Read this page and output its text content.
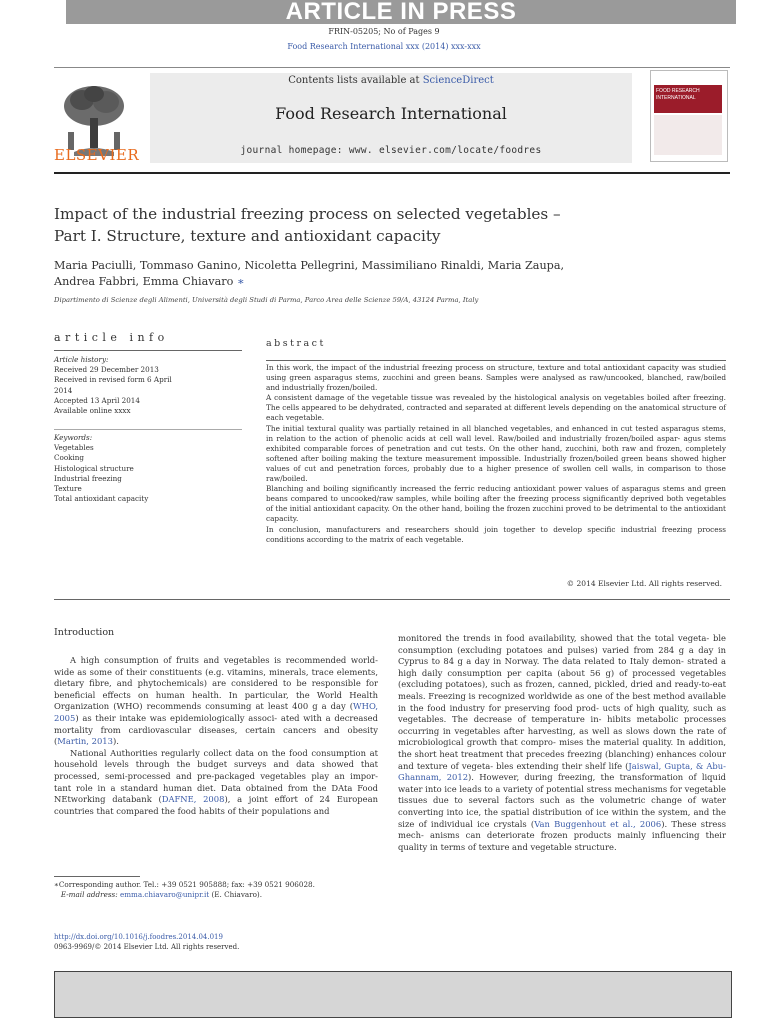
ARTICLE IN PRESS
FRIN-05205; No of Pages 9
Food Research International xxx (2014) xxx-xxx
ELSEVIER
Contents lists available at ScienceDirect
Food Research International
journal homepage: www. elsevier.com/locate/foodres
FOOD RESEARCH INTERNATIONAL
Impact of the industrial freezing process on selected vegetables –
Part I. Structure, texture and antioxidant capacity
Maria Paciulli, Tommaso Ganino, Nicoletta Pellegrini, Massimiliano Rinaldi, Maria Zaupa,
Andrea Fabbri, Emma Chiavaro ∗
Dipartimento di Scienze degli Alimenti, Università degli Studi di Parma, Parco Area delle Scienze 59/A, 43124 Parma, Italy
article info
Article history:
Received 29 December 2013
Received in revised form 6 April
2014
Accepted 13 April 2014
Available online xxxx
Keywords:
Vegetables
Cooking
Histological structure
Industrial freezing
Texture
Total antioxidant capacity
abstract

In this work, the impact of the industrial freezing process on structure, texture and total antioxidant capacity was studied using green asparagus stems, zucchini and green beans. Samples were analysed as raw/uncooked, blanched, raw/boiled and industrially frozen/boiled.

A consistent damage of the vegetable tissue was revealed by the histological analysis on vegetables boiled after freezing. The cells appeared to be dehydrated, contracted and separated at different levels depending on the anatomical structure of each vegetable.

The initial textural quality was partially retained in all blanched vegetables, and enhanced in cut tested asparagus stems, in relation to the action of phenolic acids at cell wall level. Raw/boiled and industrially frozen/boiled aspar- agus stems exhibited comparable forces of penetration and cut tests. On the other hand, zucchini, both raw and frozen, completely softened after boiling making the texture measurement impossible. Industrially frozen/boiled green beans showed higher values of cut and penetration forces, probably due to a higher presence of swollen cell walls, in comparison to those raw/boiled.

Blanching and boiling significantly increased the ferric reducing antioxidant power values of asparagus stems and green beans compared to uncooked/raw samples, while boiling after the freezing process significantly deprived both vegetables of the initial antioxidant capacity. On the other hand, boiling the frozen zucchini proved to be detrimental to the antioxidant capacity.

In conclusion, manufacturers and researchers should join together to develop specific industrial freezing process conditions according to the matrix of each vegetable.

© 2014 Elsevier Ltd. All rights reserved.
Introduction

A high consumption of fruits and vegetables is recommended world- wide as some of their constituents (e.g. vitamins, minerals, trace elements, dietary fibre, and phytochemicals) are considered to be responsible for beneficial effects on human health. In particular, the World Health Organization (WHO) recommends consuming at least 400 g a day (WHO, 2005) as their intake was epidemiologically associ- ated with a decreased mortality from cardiovascular diseases, certain cancers and obesity (Martin, 2013).

National Authorities regularly collect data on the food consumption at household levels through the budget surveys and data showed that processed, semi-processed and pre-packaged vegetables play an impor- tant role in a standard human diet. Data obtained from the DAta Food NEtworking databank (DAFNE, 2008), a joint effort of 24 European countries that compared the food habits of their populations and

monitored the trends in food availability, showed that the total vegeta- ble consumption (excluding potatoes and pulses) varied from 284 g a day in Cyprus to 84 g a day in Norway. The data related to Italy demon- strated a high daily consumption per capita (about 56 g) of processed vegetables (excluding potatoes), such as frozen, canned, pickled, dried and ready-to-eat meals. Freezing is recognized worldwide as one of the best method available in the food industry for preserving food prod- ucts of high quality, such as vegetables. The decrease of temperature in- hibits metabolic processes occurring in vegetables after harvesting, as well as slows down the rate of microbiological growth that compro- mises the material quality. In addition, the short heat treatment that precedes freezing (blanching) enhances colour and texture of vegeta- bles extending their shelf life (Jaiswal, Gupta, & Abu-Ghannam, 2012). However, during freezing, the transformation of liquid water into ice leads to a variety of potential stress mechanisms for vegetable tissues due to several factors such as the volumetric change of water converting into ice, the spatial distribution of ice within the system, and the size of individual ice crystals (Van Buggenhout et al., 2006). These stress mech- anisms can deteriorate frozen products mainly influencing their quality in terms of texture and vegetable structure.

∗Corresponding author. Tel.: +39 0521 905888; fax: +39 0521 906028.
E-mail address: emma.chiavaro@unipr.it (E. Chiavaro).
http://dx.doi.org/10.1016/j.foodres.2014.04.019
0963-9969/© 2014 Elsevier Ltd. All rights reserved.
